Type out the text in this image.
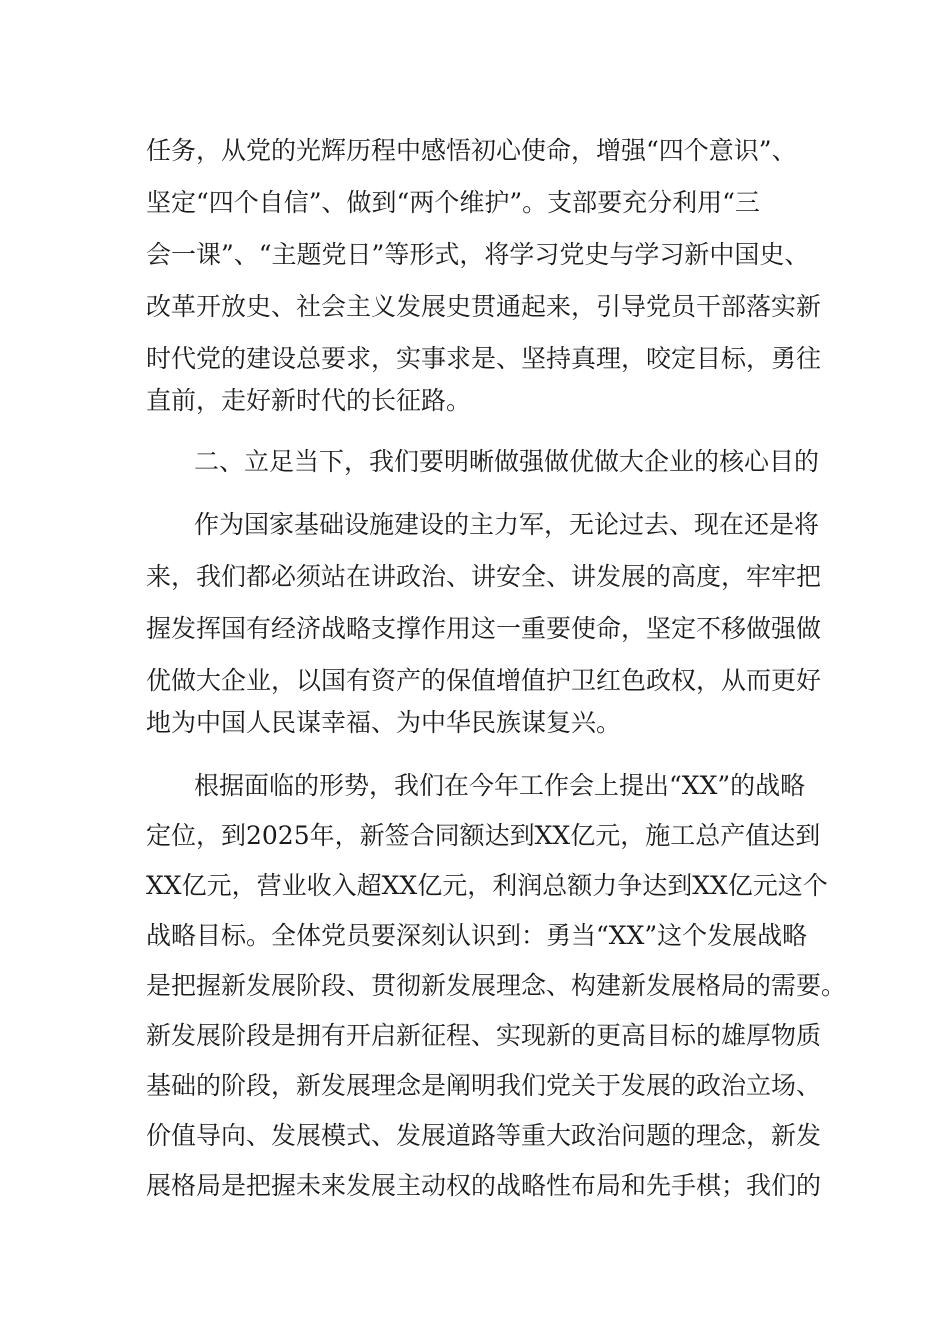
任务，从党的光辉历程中感悟初心使命，增强“四个意识”、
坚定“四个自信”、做到“两个维护”。支部要充分利用“三
会一课”、“主题党日”等形式，将学习党史与学习新中国史、
改革开放史、社会主义发展史贯通起来，引导党员干部落实新
时代党的建设总要求，实事求是、坚持真理，咬定目标，勇往
直前，走好新时代的长征路。
二、立足当下，我们要明晰做强做优做大企业的核心目的
作为国家基础设施建设的主力军，无论过去、现在还是将
来，我们都必须站在讲政治、讲安全、讲发展的高度，牢牢把
握发挥国有经济战略支撑作用这一重要使命，坚定不移做强做
优做大企业，以国有资产的保值增值护卫红色政权，从而更好
地为中国人民谋幸福、为中华民族谋复兴。
根据面临的形势，我们在今年工作会上提出“XX”的战略
定位，到2025年，新签合同额达到XX亿元，施工总产值达到
XX亿元，营业收入超XX亿元，利润总额力争达到XX亿元这个
战略目标。全体党员要深刻认识到：勇当“XX”这个发展战略
是把握新发展阶段、贯彻新发展理念、构建新发展格局的需要。
新发展阶段是拥有开启新征程、实现新的更高目标的雄厚物质
基础的阶段，新发展理念是阐明我们党关于发展的政治立场、
价值导向、发展模式、发展道路等重大政治问题的理念，新发
展格局是把握未来发展主动权的战略性布局和先手棋；我们的
